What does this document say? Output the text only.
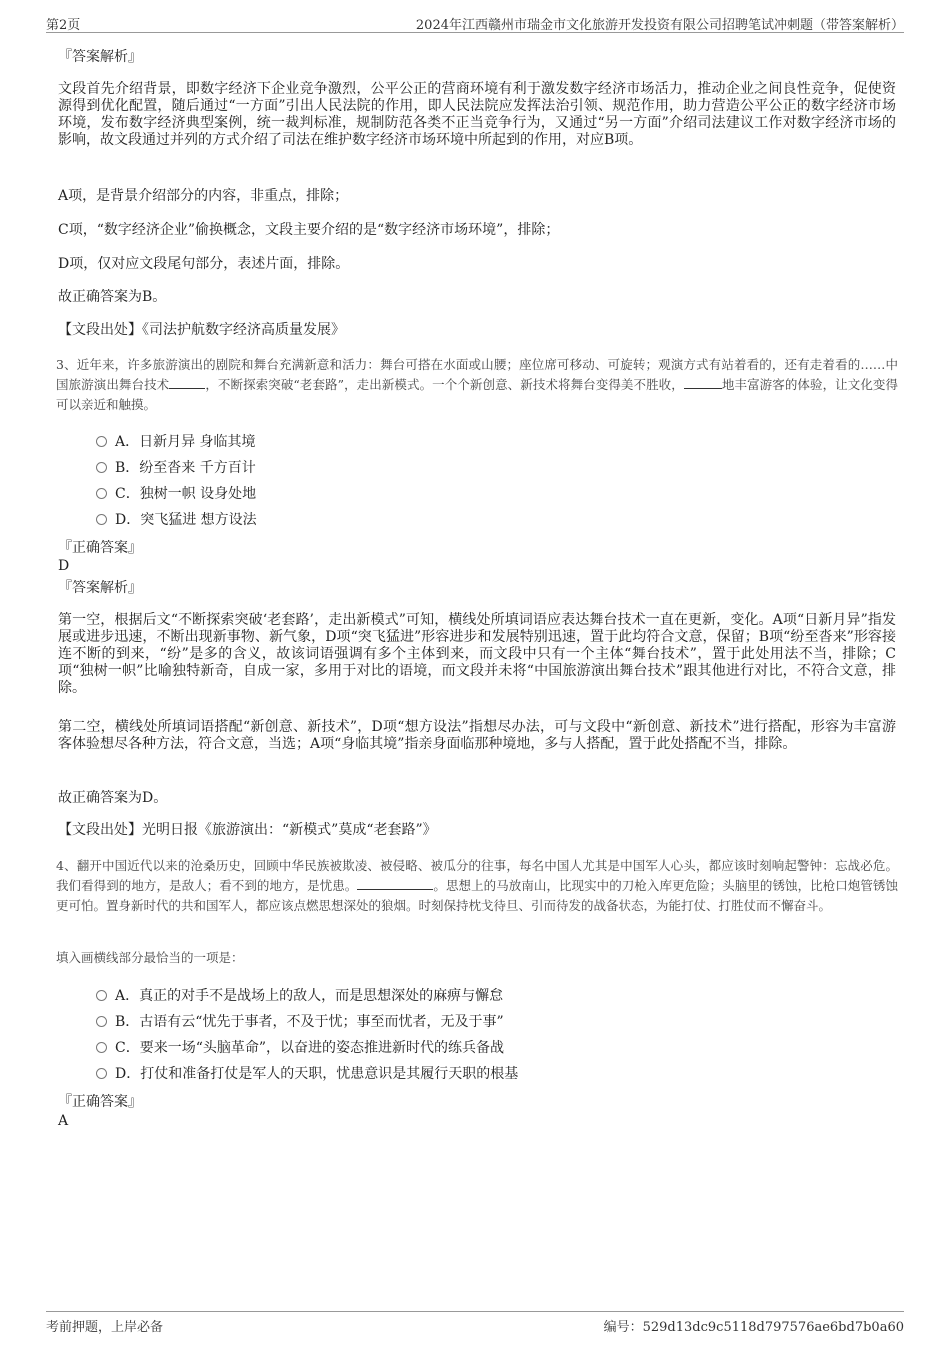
第2页	2024年江西赣州市瑞金市文化旅游开发投资有限公司招聘笔试冲刺题（带答案解析）
『答案解析』

文段首先介绍背景，即数字经济下企业竞争激烈，公平公正的营商环境有利于激发数字经济市场活力，推动企业之间良性竞争，促使资源得到优化配置，随后通过“一方面”引出人民法院的作用，即人民法院应发挥法治引领、规范作用，助力营造公平公正的数字经济市场环境，发布数字经济典型案例，统一裁判标准，规制防范各类不正当竞争行为，又通过“另一方面”介绍司法建议工作对数字经济市场的影响，故文段通过并列的方式介绍了司法在维护数字经济市场环境中所起到的作用，对应B项。

A项，是背景介绍部分的内容，非重点，排除；

C项，“数字经济企业”偷换概念，文段主要介绍的是“数字经济市场环境”，排除；

D项，仅对应文段尾句部分，表述片面，排除。

故正确答案为B。

【文段出处】《司法护航数字经济高质量发展》

3、近年来，许多旅游演出的剧院和舞台充满新意和活力：舞台可搭在水面或山腰；座位席可移动、可旋转；观演方式有站着看的，还有走着看的……中国旅游演出舞台技术	，不断探索突破“老套路”，走出新模式。一个个新创意、新技术将舞台变得美不胜收，	地丰富游客的体验，让文化变得可以亲近和触摸。

A．日新月异 身临其境
B．纷至沓来 千方百计
C．独树一帜 设身处地
D．突飞猛进 想方设法
『正确答案』
D
『答案解析』

第一空，根据后文“不断探索突破‘老套路’，走出新模式”可知，横线处所填词语应表达舞台技术一直在更新，变化。A项“日新月异”指发展或进步迅速，不断出现新事物、新气象，D项“突飞猛进”形容进步和发展特别迅速，置于此均符合文意，保留；B项“纷至沓来”形容接连不断的到来，“纷”是多的含义，故该词语强调有多个主体到来，而文段中只有一个主体“舞台技术”，置于此处用法不当，排除；C项“独树一帜”比喻独特新奇，自成一家，多用于对比的语境，而文段并未将“中国旅游演出舞台技术”跟其他进行对比，不符合文意，排除。

第二空，横线处所填词语搭配“新创意、新技术”，D项“想方设法”指想尽办法，可与文段中“新创意、新技术”进行搭配，形容为丰富游客体验想尽各种方法，符合文意，当选；A项“身临其境”指亲身面临那种境地，多与人搭配，置于此处搭配不当，排除。

故正确答案为D。

【文段出处】光明日报《旅游演出：“新模式”莫成“老套路”》

4、翻开中国近代以来的沧桑历史，回顾中华民族被欺凌、被侵略、被瓜分的往事，每名中国人尤其是中国军人心头，都应该时刻响起警钟：忘战必危。我们看得到的地方，是敌人；看不到的地方，是忧患。	。思想上的马放南山，比现实中的刀枪入库更危险；头脑里的锈蚀，比枪口炮管锈蚀更可怕。置身新时代的共和国军人，都应该点燃思想深处的狼烟。时刻保持枕戈待旦、引而待发的战备状态，为能打仗、打胜仗而不懈奋斗。

填入画横线部分最恰当的一项是：

A．真正的对手不是战场上的敌人，而是思想深处的麻痹与懈怠
B．古语有云“忧先于事者，不及于忧；事至而忧者，无及于事”
C．要来一场“头脑革命”，以奋进的姿态推进新时代的练兵备战
D．打仗和准备打仗是军人的天职，忧患意识是其履行天职的根基
『正确答案』
A
考前押题，上岸必备	编号：529d13dc9c5118d797576ae6bd7b0a60
